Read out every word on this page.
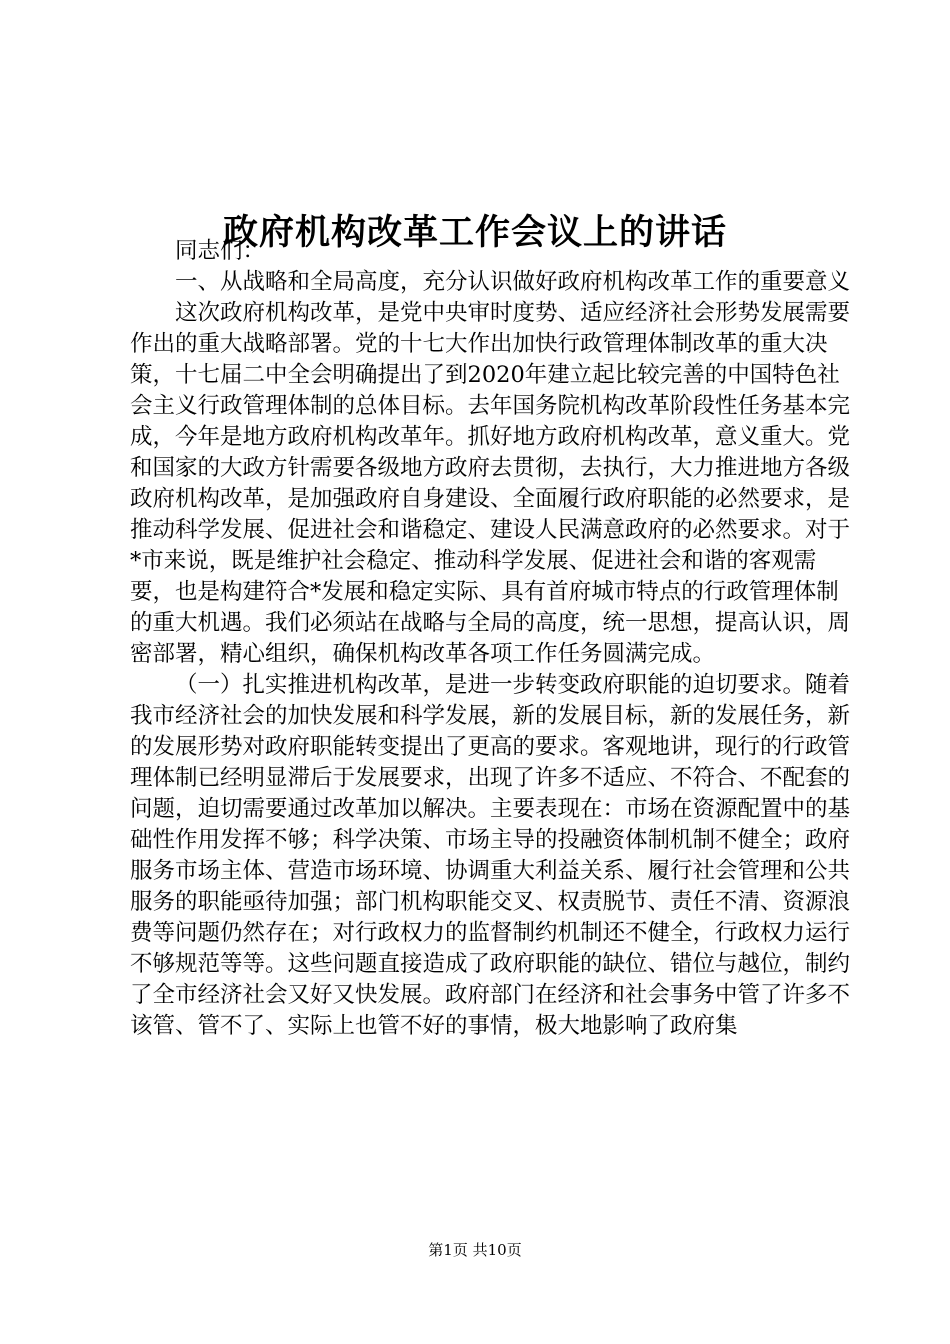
政府机构改革工作会议上的讲话

同志们：

一、从战略和全局高度，充分认识做好政府机构改革工作的重要意义

这次政府机构改革，是党中央审时度势、适应经济社会形势发展需要作出的重大战略部署。党的十七大作出加快行政管理体制改革的重大决策，十七届二中全会明确提出了到2020年建立起比较完善的中国特色社会主义行政管理体制的总体目标。去年国务院机构改革阶段性任务基本完成，今年是地方政府机构改革年。抓好地方政府机构改革，意义重大。党和国家的大政方针需要各级地方政府去贯彻，去执行，大力推进地方各级政府机构改革，是加强政府自身建设、全面履行政府职能的必然要求，是推动科学发展、促进社会和谐稳定、建设人民满意政府的必然要求。对于*市来说，既是维护社会稳定、推动科学发展、促进社会和谐的客观需要，也是构建符合*发展和稳定实际、具有首府城市特点的行政管理体制的重大机遇。我们必须站在战略与全局的高度，统一思想，提高认识，周密部署，精心组织，确保机构改革各项工作任务圆满完成。

（一）扎实推进机构改革，是进一步转变政府职能的迫切要求。随着我市经济社会的加快发展和科学发展，新的发展目标，新的发展任务，新的发展形势对政府职能转变提出了更高的要求。客观地讲，现行的行政管理体制已经明显滞后于发展要求，出现了许多不适应、不符合、不配套的问题，迫切需要通过改革加以解决。主要表现在：市场在资源配置中的基础性作用发挥不够；科学决策、市场主导的投融资体制机制不健全；政府服务市场主体、营造市场环境、协调重大利益关系、履行社会管理和公共服务的职能亟待加强；部门机构职能交叉、权责脱节、责任不清、资源浪费等问题仍然存在；对行政权力的监督制约机制还不健全，行政权力运行不够规范等等。这些问题直接造成了政府职能的缺位、错位与越位，制约了全市经济社会又好又快发展。政府部门在经济和社会事务中管了许多不该管、管不了、实际上也管不好的事情，极大地影响了政府集

第1页 共10页
